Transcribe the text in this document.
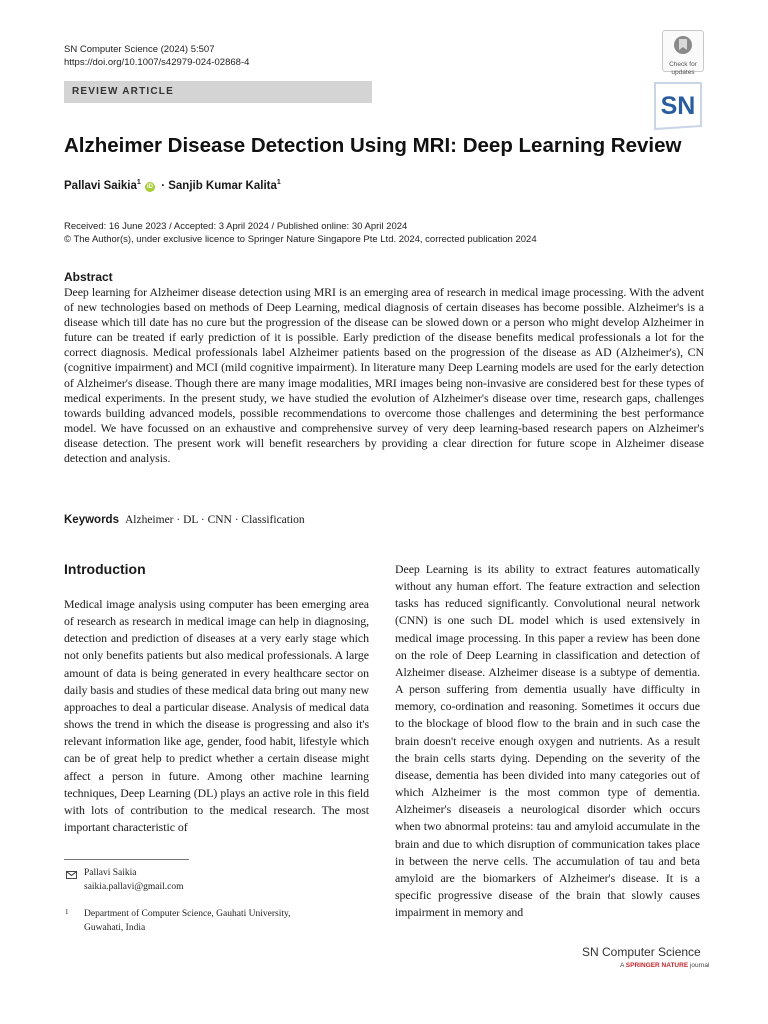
SN Computer Science (2024) 5:507
https://doi.org/10.1007/s42979-024-02868-4
REVIEW ARTICLE
Check for
updates
SN
Alzheimer Disease Detection Using MRI: Deep Learning Review
Pallavi Saikia$^1$ iD · Sanjib Kumar Kalita$^1$
Received: 16 June 2023 / Accepted: 3 April 2024 / Published online: 30 April 2024
© The Author(s), under exclusive licence to Springer Nature Singapore Pte Ltd. 2024, corrected publication 2024
Abstract
Deep learning for Alzheimer disease detection using MRI is an emerging area of research in medical image processing. With the advent of new technologies based on methods of Deep Learning, medical diagnosis of certain diseases has become possible. Alzheimer's is a disease which till date has no cure but the progression of the disease can be slowed down or a person who might develop Alzheimer in future can be treated if early prediction of it is possible. Early prediction of the disease benefits medical professionals a lot for the correct diagnosis. Medical professionals label Alzheimer patients based on the progression of the disease as AD (Alzheimer's), CN (cognitive impairment) and MCI (mild cognitive impairment). In literature many Deep Learning models are used for the early detection of Alzheimer's disease. Though there are many image modalities, MRI images being non-invasive are considered best for these types of medical experiments. In the present study, we have studied the evolution of Alzheimer's disease over time, research gaps, challenges towards building advanced models, possible recommendations to overcome those challenges and determining the best performance model. We have focussed on an exhaustive and comprehensive survey of very deep learning-based research papers on Alzheimer's disease detection. The present work will benefit researchers by providing a clear direction for future scope in Alzheimer disease detection and analysis.
Keywords Alzheimer · DL · CNN · Classification
Introduction
Medical image analysis using computer has been emerging area of research as research in medical image can help in diagnosing, detection and prediction of diseases at a very early stage which not only benefits patients but also medical professionals. A large amount of data is being generated in every healthcare sector on daily basis and studies of these medical data bring out many new approaches to deal a particular disease. Analysis of medical data shows the trend in which the disease is progressing and also it's relevant information like age, gender, food habit, lifestyle which can be of great help to predict whether a certain disease might affect a person in future. Among other machine learning techniques, Deep Learning (DL) plays an active role in this field with lots of contribution to the medical research. The most important characteristic of
Deep Learning is its ability to extract features automatically without any human effort. The feature extraction and selection tasks has reduced significantly. Convolutional neural network (CNN) is one such DL model which is used extensively in medical image processing. In this paper a review has been done on the role of Deep Learning in classification and detection of Alzheimer disease. Alzheimer disease is a subtype of dementia. A person suffering from dementia usually have difficulty in memory, co-ordination and reasoning. Sometimes it occurs due to the blockage of blood flow to the brain and in such case the brain doesn't receive enough oxygen and nutrients. As a result the brain cells starts dying. Depending on the severity of the disease, dementia has been divided into many categories out of which Alzheimer is the most common type of dementia. Alzheimer's diseaseis a neurological disorder which occurs when two abnormal proteins: tau and amyloid accumulate in the brain and due to which disruption of communication takes place in between the nerve cells. The accumulation of tau and beta amyloid are the biomarkers of Alzheimer's disease. It is a specific progressive disease of the brain that slowly causes impairment in memory and
Pallavi Saikia
saikia.pallavi@gmail.com
1 Department of Computer Science, Gauhati University,
Guwahati, India
SN Computer Science
A SPRINGER NATURE journal
